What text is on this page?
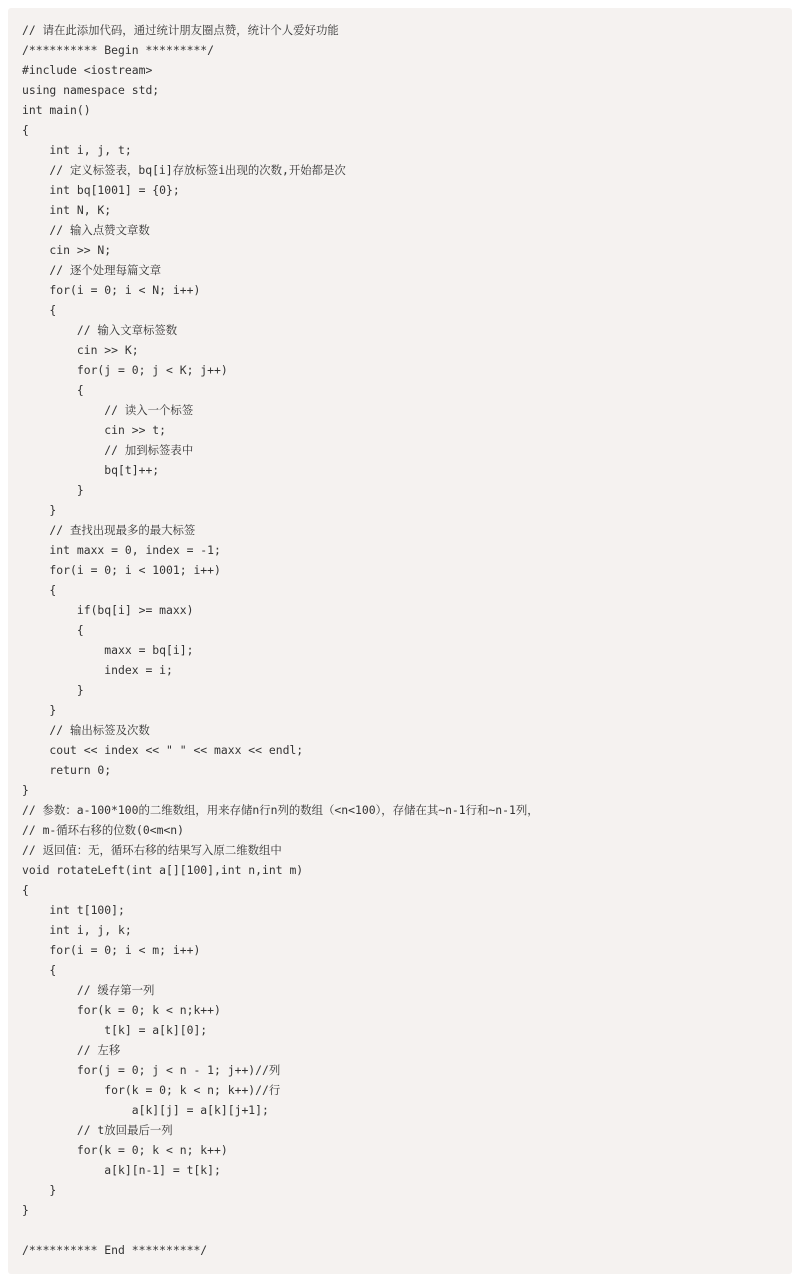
// 请在此添加代码，通过统计朋友圈点赞，统计个人爱好功能
/********** Begin *********/
#include <iostream>
using namespace std;
int main()
{
int i, j, t;
// 定义标签表，bq[i]存放标签i出现的次数,开始都是次
int bq[1001] = {0};
int N, K;
// 输入点赞文章数
cin >> N;
// 逐个处理每篇文章
for(i = 0; i < N; i++)
{
// 输入文章标签数
cin >> K;
for(j = 0; j < K; j++)
{
// 读入一个标签
cin >> t;
// 加到标签表中
bq[t]++;
}
}
// 查找出现最多的最大标签
int maxx = 0, index = -1;
for(i = 0; i < 1001; i++)
{
if(bq[i] >= maxx)
{
maxx = bq[i];
index = i;
}
}
// 输出标签及次数
cout << index << " " << maxx << endl;
return 0;
}
// 参数：a-100*100的二维数组，用来存储n行n列的数组（<n<100），存储在其~n-1行和~n-1列，
// m-循环右移的位数(0<m<n)
// 返回值：无，循环右移的结果写入原二维数组中
void rotateLeft(int a[][100],int n,int m)
{
int t[100];
int i, j, k;
for(i = 0; i < m; i++)
{
// 缓存第一列
for(k = 0; k < n;k++)
t[k] = a[k][0];
// 左移
for(j = 0; j < n - 1; j++)//列
for(k = 0; k < n; k++)//行
a[k][j] = a[k][j+1];
// t放回最后一列
for(k = 0; k < n; k++)
a[k][n-1] = t[k];
}
}
/********** End **********/
